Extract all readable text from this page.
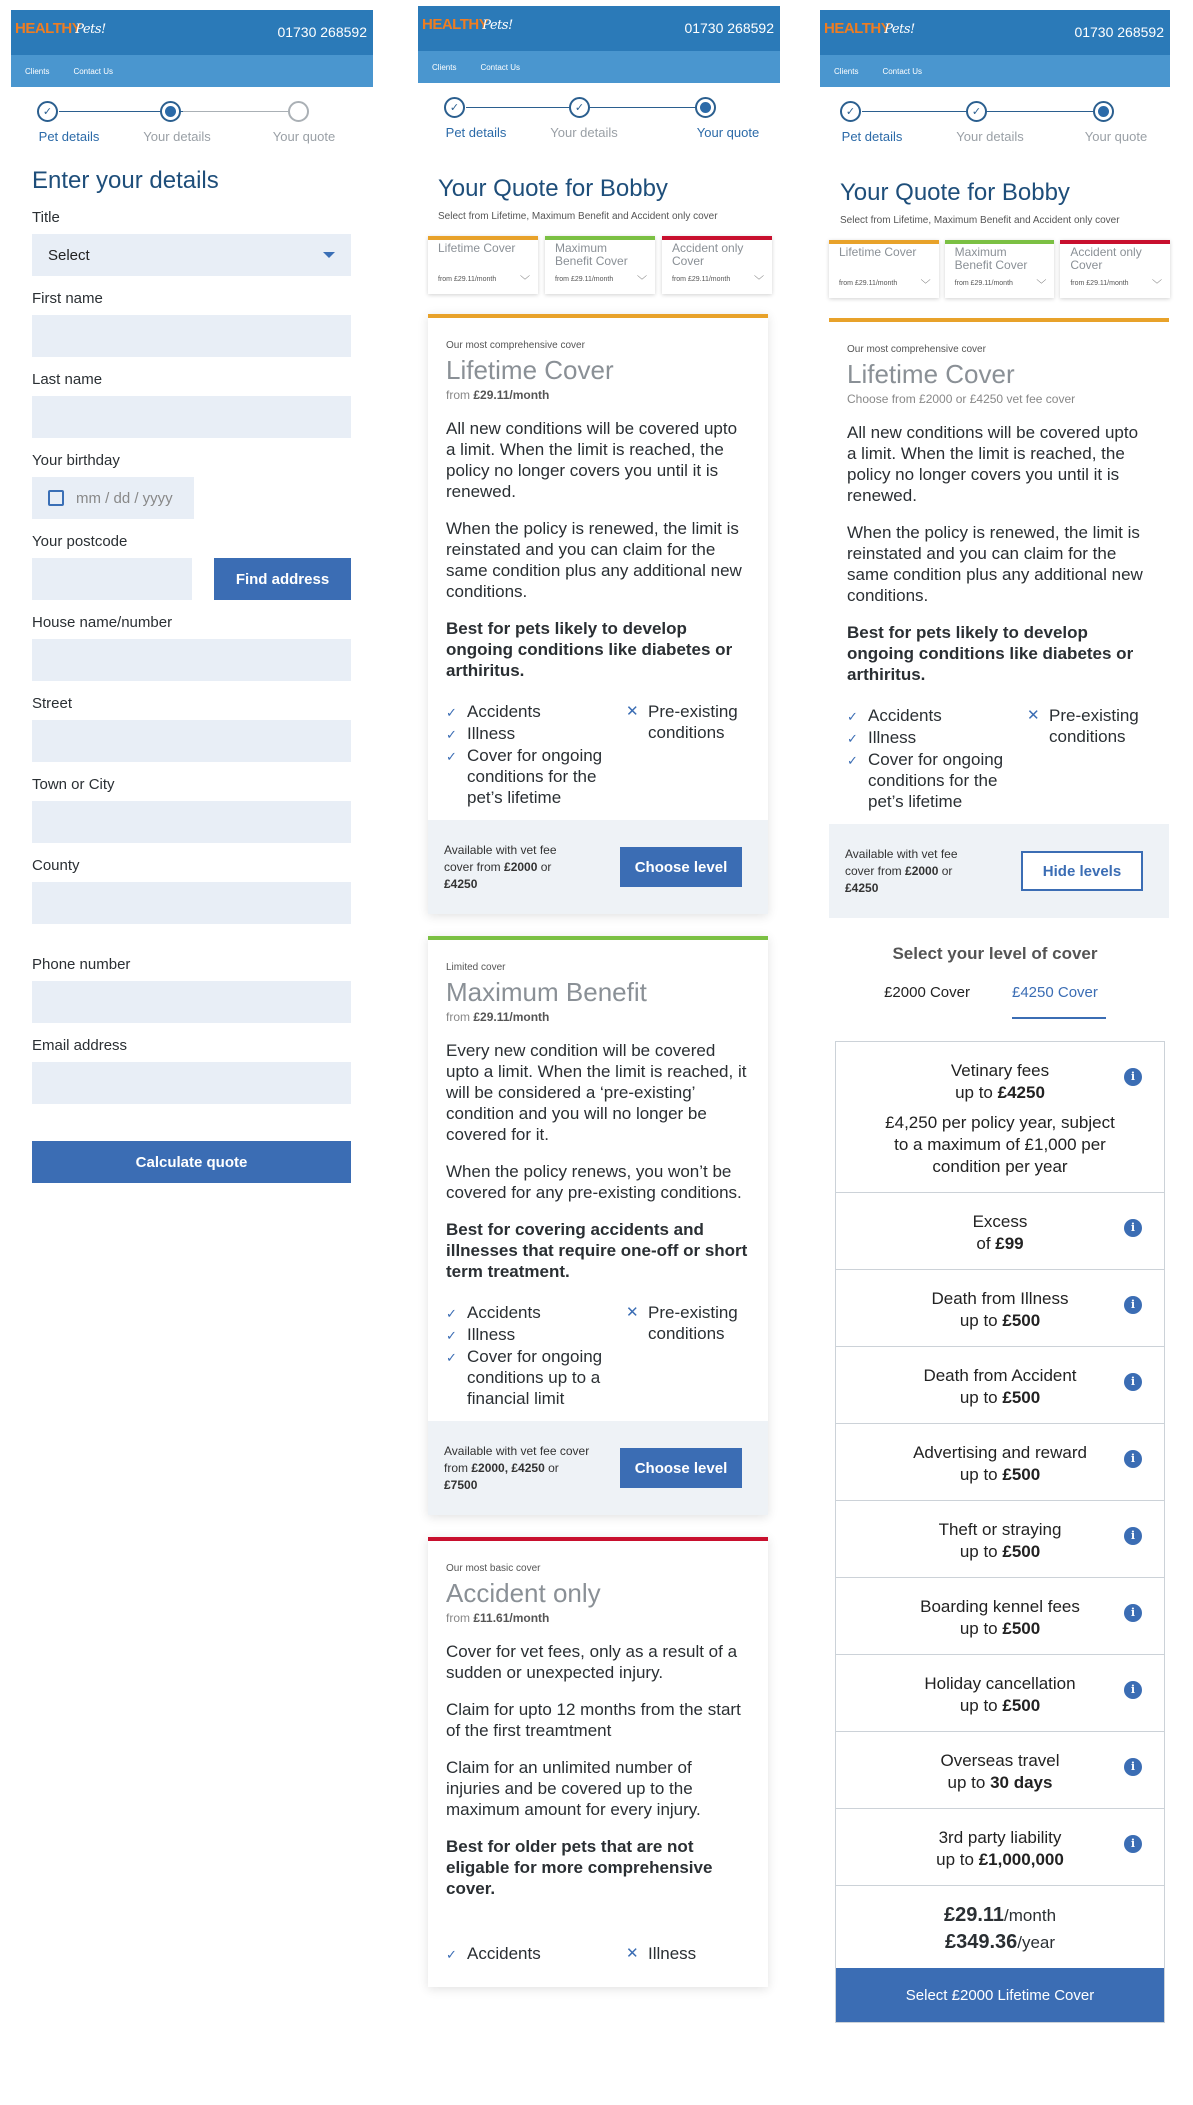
HEALTHYPets!	01730 268592
Clients	Contact Us
✓
Pet details	Your details	Your quote
Enter your details
Title
Select
First name
Last name
Your birthday
mm / dd / yyyy
Your postcode
Find address
House name/number
Street
Town or City
County
Phone number
Email address
Calculate quote
HEALTHYPets!	01730 268592
Clients	Contact Us
✓	✓
Pet details	Your details	Your quote
Your Quote for Bobby
Select from Lifetime, Maximum Benefit and Accident only cover
Lifetime Cover
from £29.11/month ﹀
Maximum Benefit Cover
from £29.11/month ﹀
Accident only Cover
from £29.11/month ﹀
Our most comprehensive cover
Lifetime Cover
from £29.11/month
All new conditions will be covered upto a limit. When the limit is reached, the policy no longer covers you until it is renewed.
When the policy is renewed, the limit is reinstated and you can claim for the same condition plus any additional new conditions.
Best for pets likely to develop ongoing conditions like diabetes or arthiritus.
✓ Accidents
✓ Illness
✓ Cover for ongoing conditions for the pet’s lifetime
✕ Pre-existing conditions
Available with vet fee cover from £2000 or £4250
Choose level
Limited cover
Maximum Benefit
from £29.11/month
Every new condition will be covered upto a limit. When the limit is reached, it will be considered a ‘pre-existing’ condition and you will no longer be covered for it.
When the policy renews, you won’t be covered for any pre-existing conditions.
Best for covering accidents and illnesses that require one-off or short term treatment.
✓ Accidents
✓ Illness
✓ Cover for ongoing conditions up to a financial limit
✕ Pre-existing conditions
Available with vet fee cover from £2000, £4250 or £7500
Choose level
Our most basic cover
Accident only
from £11.61/month
Cover for vet fees, only as a result of a sudden or unexpected injury.
Claim for upto 12 months from the start of the first treamtment
Claim for an unlimited number of injuries and be covered up to the maximum amount for every injury.
Best for older pets that are not eligable for more comprehensive cover.
✓ Accidents	✕ Illness
HEALTHYPets!	01730 268592
Clients	Contact Us
✓	✓
Pet details	Your details	Your quote
Your Quote for Bobby
Select from Lifetime, Maximum Benefit and Accident only cover
Lifetime Cover
from £29.11/month ﹀
Maximum Benefit Cover
from £29.11/month ﹀
Accident only Cover
from £29.11/month ﹀
Our most comprehensive cover
Lifetime Cover
Choose from £2000 or £4250 vet fee cover
All new conditions will be covered upto a limit. When the limit is reached, the policy no longer covers you until it is renewed.
When the policy is renewed, the limit is reinstated and you can claim for the same condition plus any additional new conditions.
Best for pets likely to develop ongoing conditions like diabetes or arthiritus.
✓ Accidents
✓ Illness
✓ Cover for ongoing conditions for the pet’s lifetime
✕ Pre-existing conditions
Available with vet fee cover from £2000 or £4250
Hide levels
Select your level of cover
£2000 Cover	£4250 Cover
Vetinary fees
up to £4250
£4,250 per policy year, subject to a maximum of £1,000 per condition per year
i
Excess
of £99
i
Death from Illness
up to £500
i
Death from Accident
up to £500
i
Advertising and reward
up to £500
i
Theft or straying
up to £500
i
Boarding kennel fees
up to £500
i
Holiday cancellation
up to £500
i
Overseas travel
up to 30 days
i
3rd party liability
up to £1,000,000
i
£29.11/month
£349.36/year
Select £2000 Lifetime Cover
